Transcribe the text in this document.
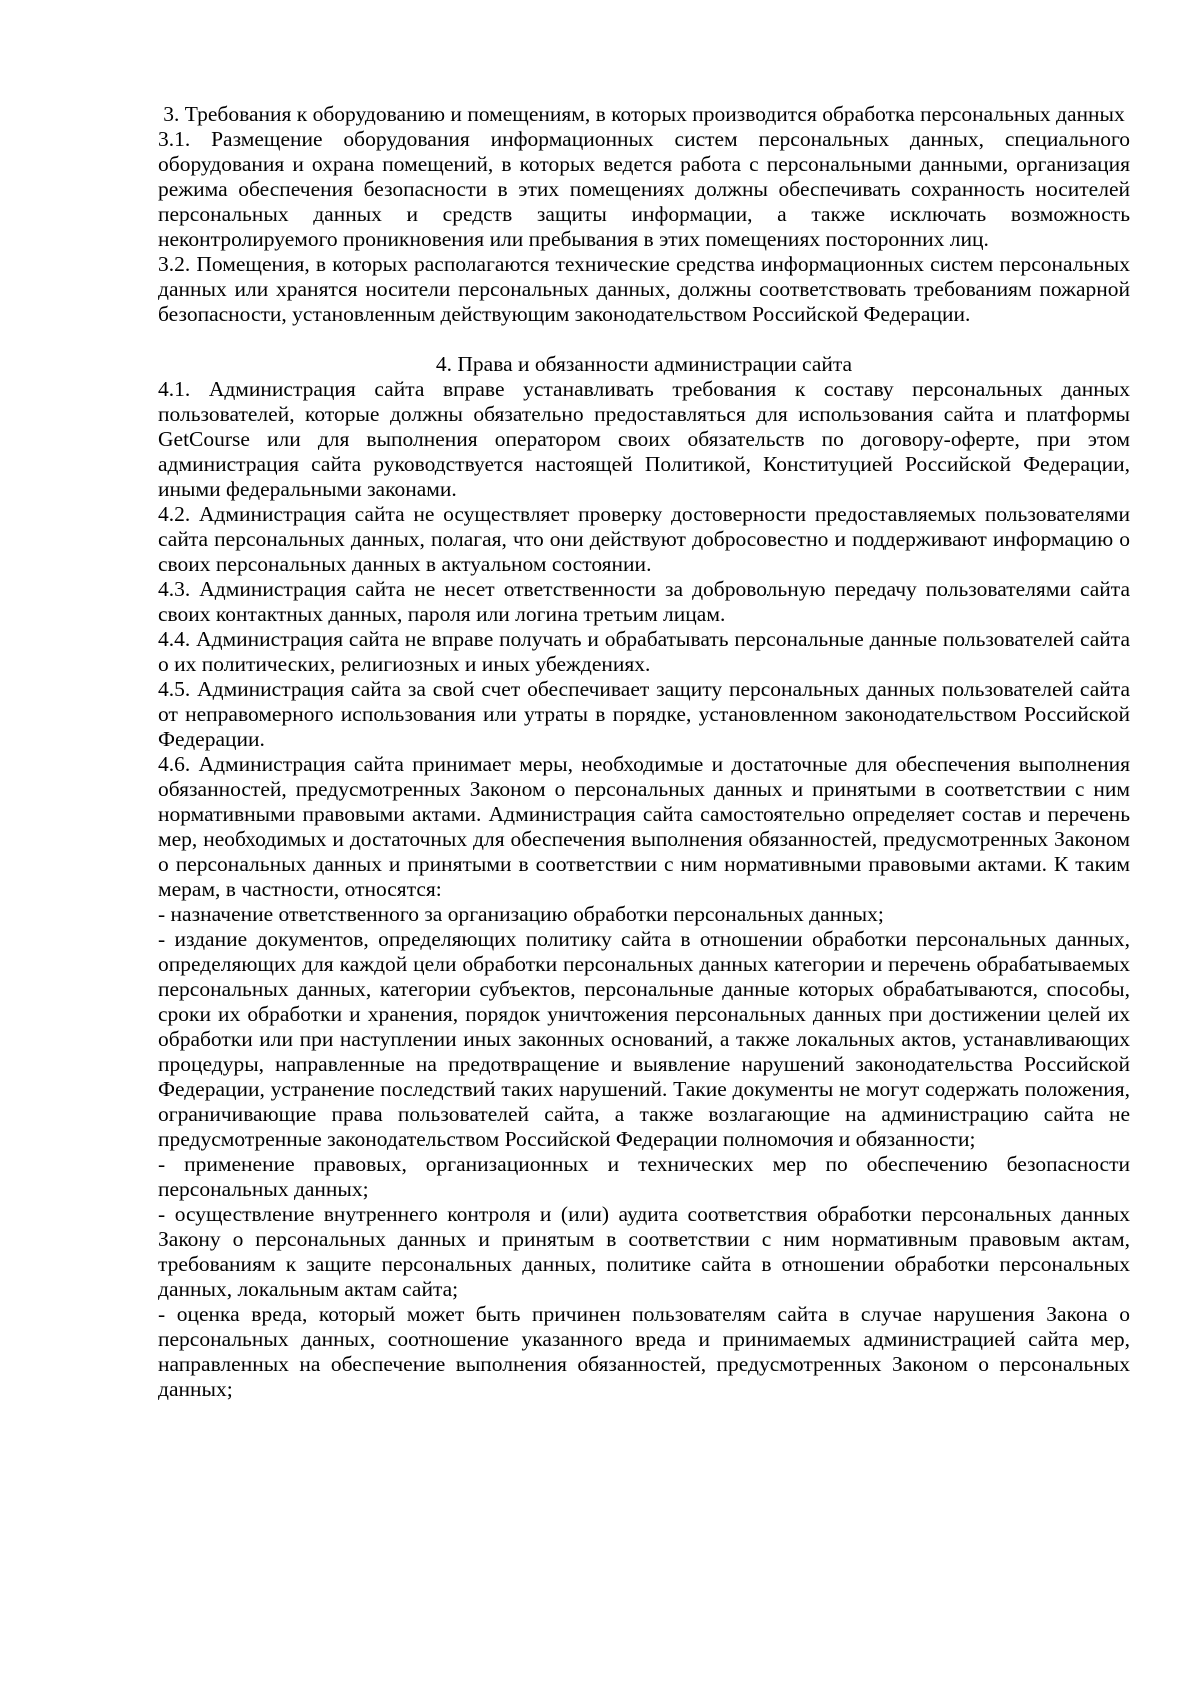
3. Требования к оборудованию и помещениям, в которых производится обработка персональных данных

3.1. Размещение оборудования информационных систем персональных данных, специального оборудования и охрана помещений, в которых ведется работа с персональными данными, организация режима обеспечения безопасности в этих помещениях должны обеспечивать сохранность носителей персональных данных и средств защиты информации, а также исключать возможность неконтролируемого проникновения или пребывания в этих помещениях посторонних лиц.

3.2. Помещения, в которых располагаются технические средства информационных систем персональных данных или хранятся носители персональных данных, должны соответствовать требованиям пожарной безопасности, установленным действующим законодательством Российской Федерации.

4. Права и обязанности администрации сайта

4.1. Администрация сайта вправе устанавливать требования к составу персональных данных пользователей, которые должны обязательно предоставляться для использования сайта и платформы GetCourse или для выполнения оператором своих обязательств по договору-оферте, при этом администрация сайта руководствуется настоящей Политикой, Конституцией Российской Федерации, иными федеральными законами.

4.2. Администрация сайта не осуществляет проверку достоверности предоставляемых пользователями сайта персональных данных, полагая, что они действуют добросовестно и поддерживают информацию о своих персональных данных в актуальном состоянии.

4.3. Администрация сайта не несет ответственности за добровольную передачу пользователями сайта своих контактных данных, пароля или логина третьим лицам.

4.4. Администрация сайта не вправе получать и обрабатывать персональные данные пользователей сайта о их политических, религиозных и иных убеждениях.

4.5. Администрация сайта за свой счет обеспечивает защиту персональных данных пользователей сайта от неправомерного использования или утраты в порядке, установленном законодательством Российской Федерации.

4.6. Администрация сайта принимает меры, необходимые и достаточные для обеспечения выполнения обязанностей, предусмотренных Законом о персональных данных и принятыми в соответствии с ним нормативными правовыми актами. Администрация сайта самостоятельно определяет состав и перечень мер, необходимых и достаточных для обеспечения выполнения обязанностей, предусмотренных Законом о персональных данных и принятыми в соответствии с ним нормативными правовыми актами. К таким мерам, в частности, относятся:

- назначение ответственного за организацию обработки персональных данных;

- издание документов, определяющих политику сайта в отношении обработки персональных данных, определяющих для каждой цели обработки персональных данных категории и перечень обрабатываемых персональных данных, категории субъектов, персональные данные которых обрабатываются, способы, сроки их обработки и хранения, порядок уничтожения персональных данных при достижении целей их обработки или при наступлении иных законных оснований, а также локальных актов, устанавливающих процедуры, направленные на предотвращение и выявление нарушений законодательства Российской Федерации, устранение последствий таких нарушений. Такие документы не могут содержать положения, ограничивающие права пользователей сайта, а также возлагающие на администрацию сайта не предусмотренные законодательством Российской Федерации полномочия и обязанности;

- применение правовых, организационных и технических мер по обеспечению безопасности персональных данных;

- осуществление внутреннего контроля и (или) аудита соответствия обработки персональных данных Закону о персональных данных и принятым в соответствии с ним нормативным правовым актам, требованиям к защите персональных данных, политике сайта в отношении обработки персональных данных, локальным актам сайта;

- оценка вреда, который может быть причинен пользователям сайта в случае нарушения Закона о персональных данных, соотношение указанного вреда и принимаемых администрацией сайта мер, направленных на обеспечение выполнения обязанностей, предусмотренных Законом о персональных данных;
